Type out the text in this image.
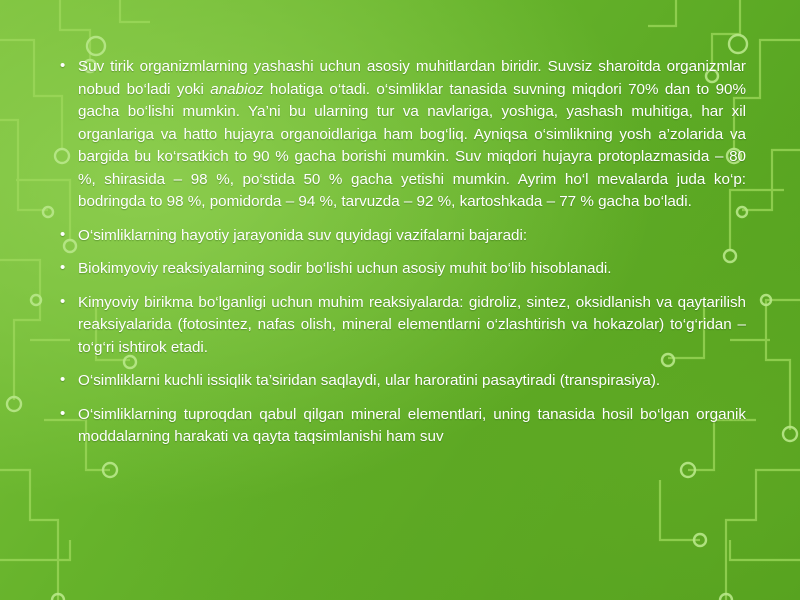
• Suv tirik organizmlarning yashashi uchun asosiy muhitlardan biridir. Suvsiz sharoitda organizmlar nobud bo‘ladi yoki anabioz holatiga o‘tadi. o‘simliklar tanasida suvning miqdori 70% dan to 90% gacha bo‘lishi mumkin. Ya’ni bu ularning tur va navlariga, yoshiga, yashash muhitiga, har xil organlariga va hatto hujayra organoidlariga ham bog‘liq. Ayniqsa o‘simlikning yosh a’zolarida va bargida bu ko‘rsatkich to 90 % gacha borishi mumkin. Suv miqdori hujayra protoplazmasida – 80 %, shirasida – 98 %, po‘stida 50 % gacha yetishi mumkin. Ayrim ho‘l mevalarda juda ko‘p: bodringda to 98 %, pomidorda – 94 %, tarvuzda – 92 %, kartoshkada – 77 % gacha bo‘ladi.
• O‘simliklarning hayotiy jarayonida suv quyidagi vazifalarni bajaradi:
• Biokimyoviy reaksiyalarning sodir bo‘lishi uchun asosiy muhit bo‘lib hisoblanadi.
• Kimyoviy birikma bo‘lganligi uchun muhim reaksiyalarda: gidroliz, sintez, oksidlanish va qaytarilish reaksiyalarida (fotosintez, nafas olish, mineral elementlarni o‘zlashtirish va hokazolar) to‘g‘ridan – to‘g‘ri ishtirok etadi.
• O‘simliklarni kuchli issiqlik ta’siridan saqlaydi, ular haroratini pasaytiradi (transpirasiya).
• O‘simliklarning tuproqdan qabul qilgan mineral elementlari, uning tanasida hosil bo‘lgan organik moddalarning harakati va qayta taqsimlanishi ham suv
